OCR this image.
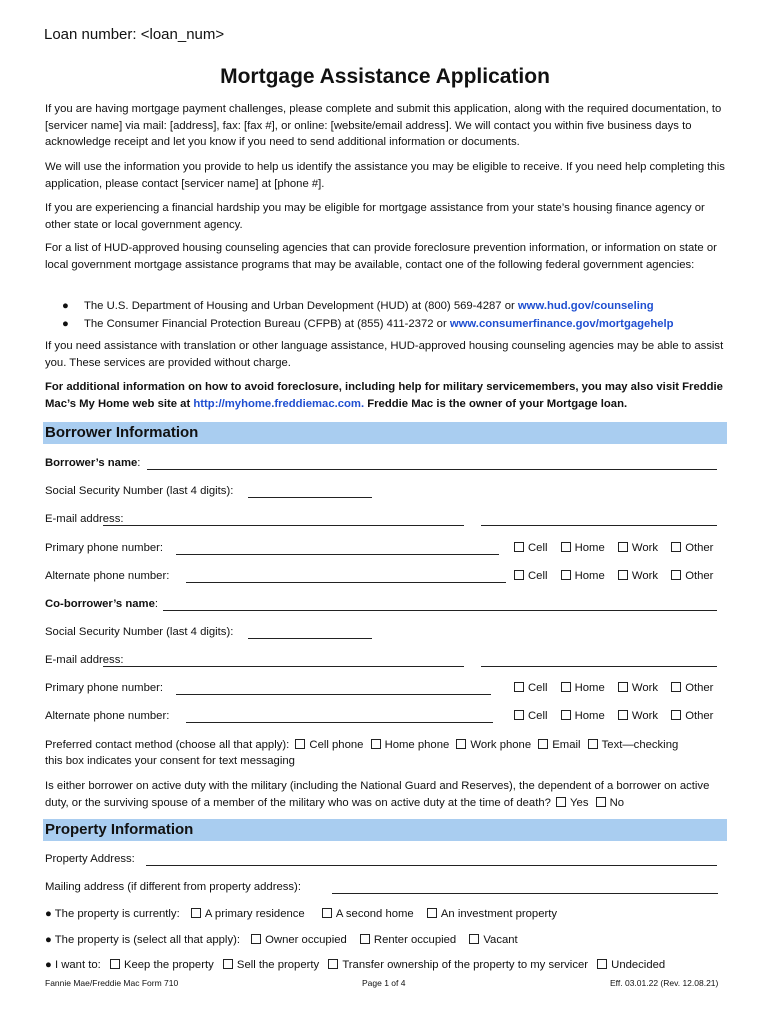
Loan number: <loan_num>
Mortgage Assistance Application
If you are having mortgage payment challenges, please complete and submit this application, along with the required documentation, to [servicer name] via mail: [address], fax: [fax #], or online: [website/email address]. We will contact you within five business days to acknowledge receipt and let you know if you need to send additional information or documents.
We will use the information you provide to help us identify the assistance you may be eligible to receive. If you need help completing this application, please contact [servicer name] at [phone #].
If you are experiencing a financial hardship you may be eligible for mortgage assistance from your state’s housing finance agency or other state or local government agency.
For a list of HUD-approved housing counseling agencies that can provide foreclosure prevention information, or information on state or local government mortgage assistance programs that may be available, contact one of the following federal government agencies:
● The U.S. Department of Housing and Urban Development (HUD) at (800) 569-4287 or www.hud.gov/counseling
● The Consumer Financial Protection Bureau (CFPB) at (855) 411-2372 or www.consumerfinance.gov/mortgagehelp
If you need assistance with translation or other language assistance, HUD-approved housing counseling agencies may be able to assist you. These services are provided without charge.
For additional information on how to avoid foreclosure, including help for military servicemembers, you may also visit Freddie Mac’s My Home web site at http://myhome.freddiemac.com. Freddie Mac is the owner of your Mortgage loan.
Borrower Information
Borrower’s name:
Social Security Number (last 4 digits):
E-mail address:
Primary phone number:	Cell Home Work Other
Alternate phone number:	Cell Home Work Other
Co-borrower’s name:
Social Security Number (last 4 digits):
E-mail address:
Primary phone number:	Cell Home Work Other
Alternate phone number:	Cell Home Work Other
Preferred contact method (choose all that apply): Cell phone Home phone Work phone Email Text—checking
this box indicates your consent for text messaging
Is either borrower on active duty with the military (including the National Guard and Reserves), the dependent of a borrower on active duty, or the surviving spouse of a member of the military who was on active duty at the time of death? Yes No
Property Information
Property Address:
Mailing address (if different from property address):
● The property is currently: A primary residence	A second home An investment property
● The property is (select all that apply): Owner occupied Renter occupied Vacant
● I want to: Keep the property Sell the property Transfer ownership of the property to my servicer Undecided
Fannie Mae/Freddie Mac Form 710	Page 1 of 4	Eff. 03.01.22 (Rev. 12.08.21)
